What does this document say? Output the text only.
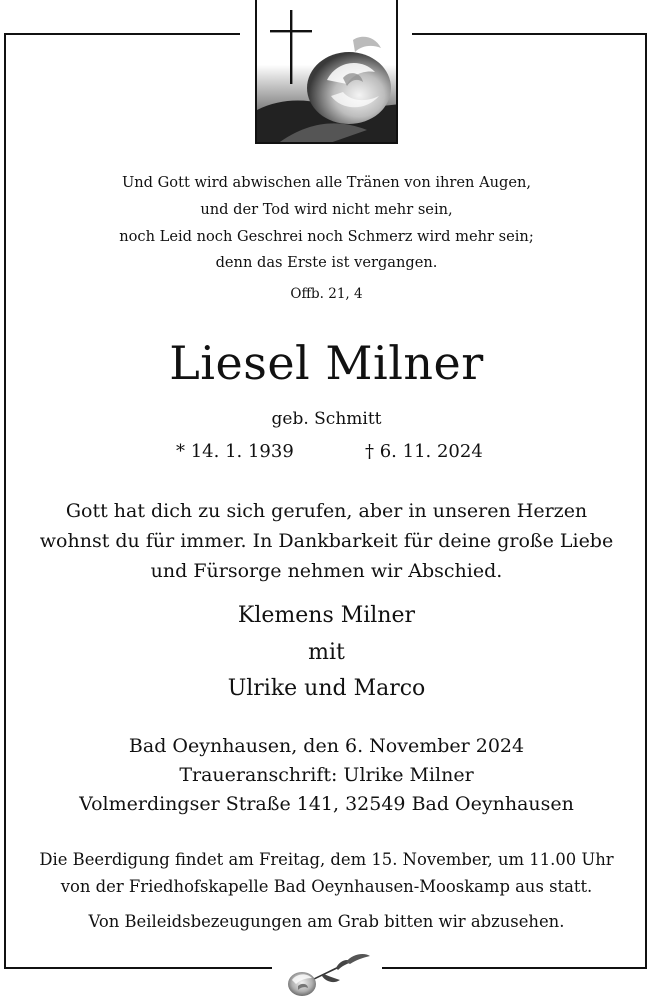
Und Gott wird abwischen alle Tränen von ihren Augen,
und der Tod wird nicht mehr sein,
noch Leid noch Geschrei noch Schmerz wird mehr sein;
denn das Erste ist vergangen.
Offb. 21, 4
Liesel Milner
geb. Schmitt
* 14. 1. 1939	† 6. 11. 2024
Gott hat dich zu sich gerufen, aber in unseren Herzen
wohnst du für immer. In Dankbarkeit für deine große Liebe
und Fürsorge nehmen wir Abschied.
Klemens Milner
mit
Ulrike und Marco
Bad Oeynhausen, den 6. November 2024
Traueranschrift: Ulrike Milner
Volmerdingser Straße 141, 32549 Bad Oeynhausen
Die Beerdigung findet am Freitag, dem 15. November, um 11.00 Uhr
von der Friedhofskapelle Bad Oeynhausen-Mooskamp aus statt.
Von Beileidsbezeugungen am Grab bitten wir abzusehen.
